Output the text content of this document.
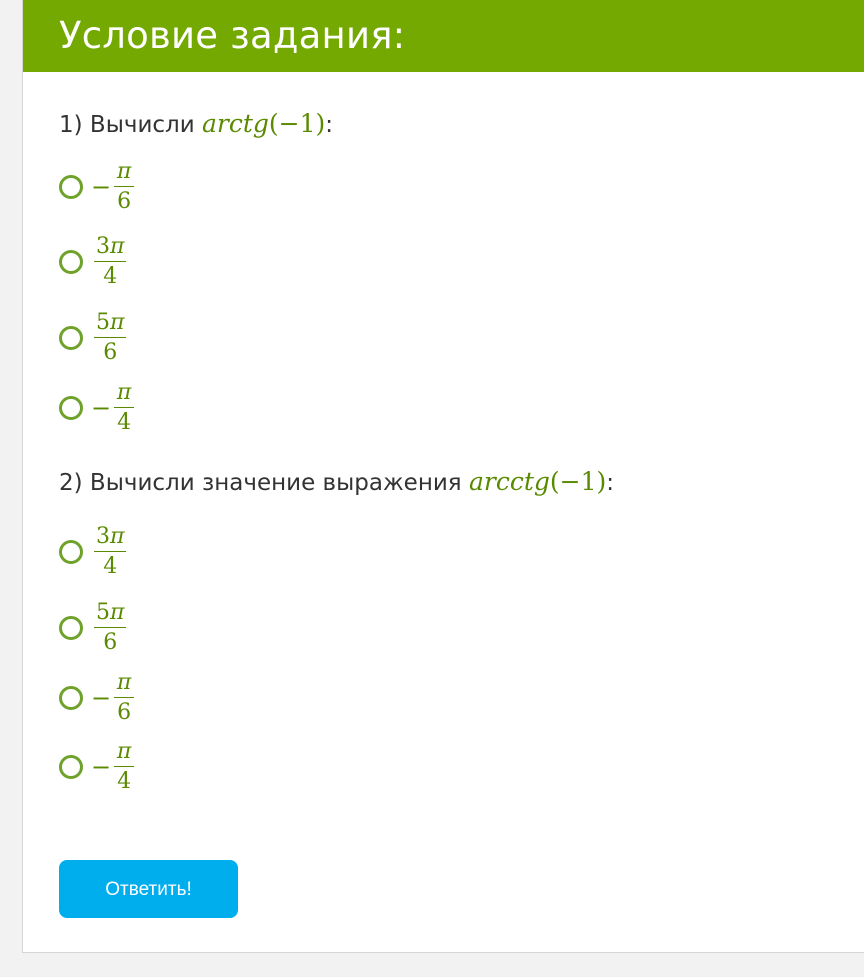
Условие задания:
1) Вычисли arctg(−1):
− $\frac{\pi}{6}$
$\frac{3\pi}{4}$
$\frac{5\pi}{6}$
− $\frac{\pi}{4}$
2) Вычисли значение выражения arcctg(−1):
$\frac{3\pi}{4}$
$\frac{5\pi}{6}$
− $\frac{\pi}{6}$
− $\frac{\pi}{4}$
Ответить!
